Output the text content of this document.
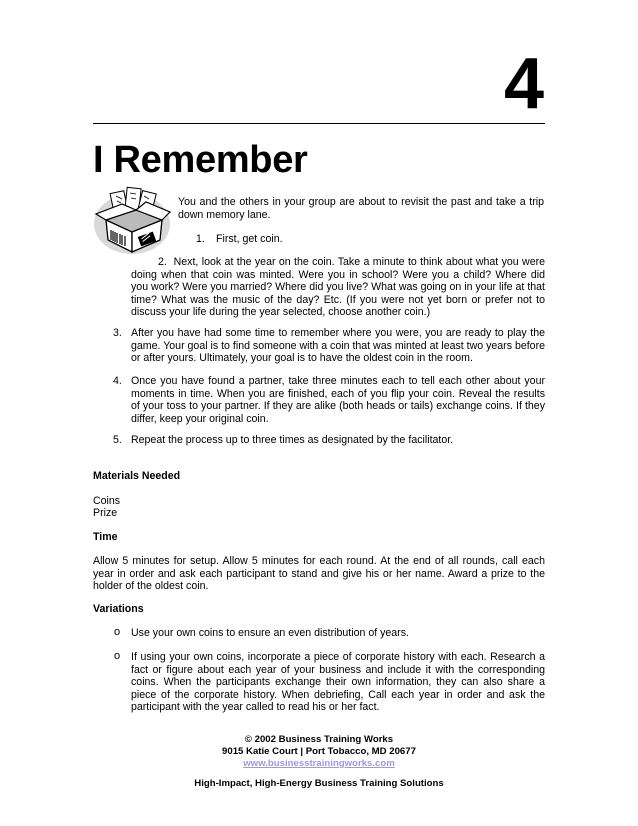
4
I Remember
You and the others in your group are about to revisit the past and take a trip down memory lane.
1. First, get coin.
2. Next, look at the year on the coin. Take a minute to think about what you were doing when that coin was minted. Were you in school? Were you a child? Where did you work? Were you married? Where did you live? What was going on in your life at that time? What was the music of the day? Etc. (If you were not yet born or prefer not to discuss your life during the year selected, choose another coin.)
3. After you have had some time to remember where you were, you are ready to play the game. Your goal is to find someone with a coin that was minted at least two years before or after yours. Ultimately, your goal is to have the oldest coin in the room.
4. Once you have found a partner, take three minutes each to tell each other about your moments in time. When you are finished, each of you flip your coin. Reveal the results of your toss to your partner. If they are alike (both heads or tails) exchange coins. If they differ, keep your original coin.
5. Repeat the process up to three times as designated by the facilitator.
Materials Needed
Coins
Prize
Time
Allow 5 minutes for setup. Allow 5 minutes for each round. At the end of all rounds, call each year in order and ask each participant to stand and give his or her name. Award a prize to the holder of the oldest coin.
Variations
o Use your own coins to ensure an even distribution of years.
o If using your own coins, incorporate a piece of corporate history with each. Research a fact or figure about each year of your business and include it with the corresponding coins. When the participants exchange their own information, they can also share a piece of the corporate history. When debriefing, Call each year in order and ask the participant with the year called to read his or her fact.
© 2002 Business Training Works
9015 Katie Court | Port Tobacco, MD 20677
www.businesstrainingworks.com
High-Impact, High-Energy Business Training Solutions
